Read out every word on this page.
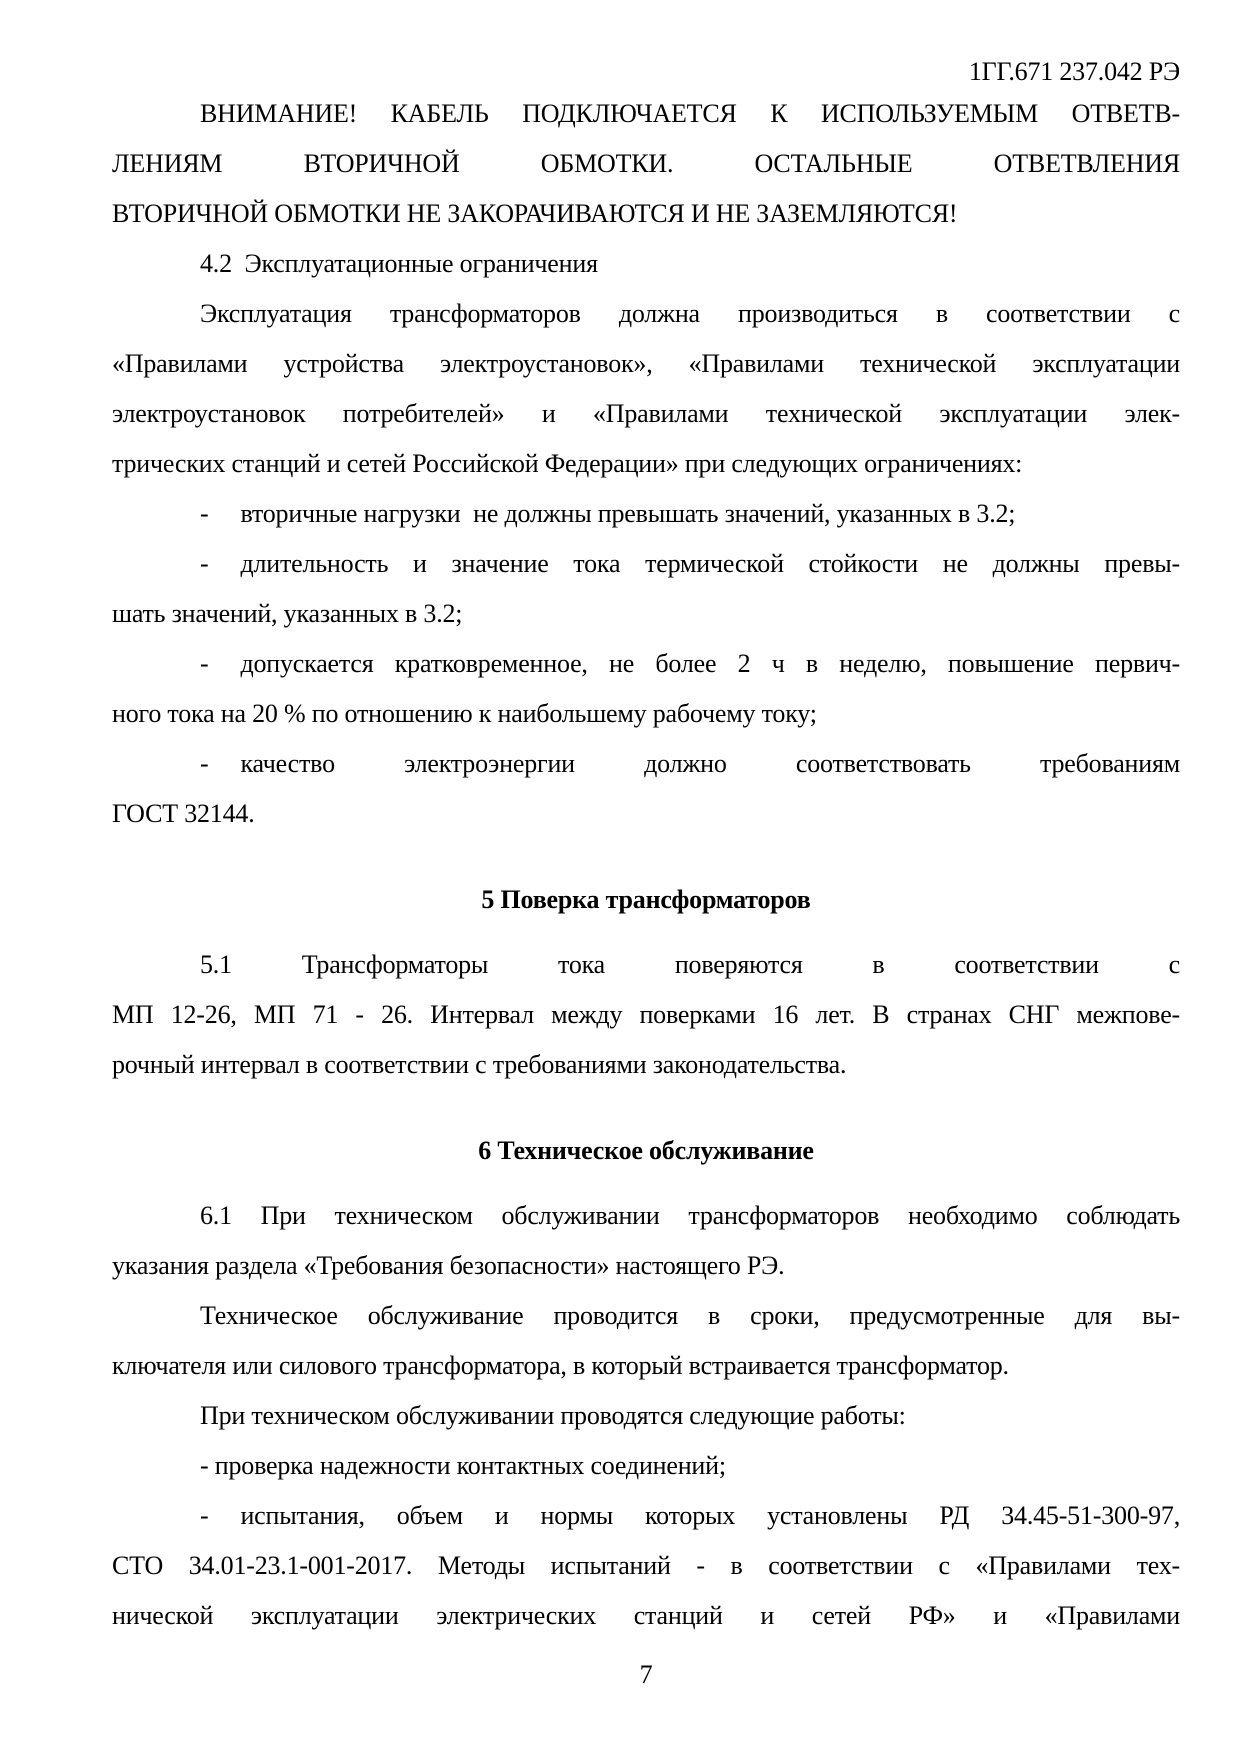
1ГГ.671 237.042 РЭ
ВНИМАНИЕ! КАБЕЛЬ ПОДКЛЮЧАЕТСЯ К ИСПОЛЬЗУЕМЫМ ОТВЕТВ-
ЛЕНИЯМ ВТОРИЧНОЙ ОБМОТКИ. ОСТАЛЬНЫЕ ОТВЕТВЛЕНИЯ
ВТОРИЧНОЙ ОБМОТКИ НЕ ЗАКОРАЧИВАЮТСЯ И НЕ ЗАЗЕМЛЯЮТСЯ!
4.2  Эксплуатационные ограничения
Эксплуатация трансформаторов должна производиться в соответствии с
«Правилами устройства электроустановок», «Правилами технической эксплуатации
электроустановок потребителей» и «Правилами технической эксплуатации элек-
трических станций и сетей Российской Федерации» при следующих ограничениях:
- вторичные нагрузки  не должны превышать значений, указанных в 3.2;
- длительность и значение тока термической стойкости не должны превы-
шать значений, указанных в 3.2;
- допускается кратковременное, не более 2 ч в неделю, повышение первич-
ного тока на 20 % по отношению к наибольшему рабочему току;
- качество электроэнергии должно соответствовать требованиям
ГОСТ 32144.
5 Поверка трансформаторов
5.1 Трансформаторы тока поверяются в соответствии с
МП 12-26, МП 71 - 26. Интервал между поверками 16 лет. В странах СНГ межпове-
рочный интервал в соответствии с требованиями законодательства.
6 Техническое обслуживание
6.1 При техническом обслуживании трансформаторов необходимо соблюдать
указания раздела «Требования безопасности» настоящего РЭ.
Техническое обслуживание проводится в сроки, предусмотренные для вы-
ключателя или силового трансформатора, в который встраивается трансформатор.
При техническом обслуживании проводятся следующие работы:
- проверка надежности контактных соединений;
- испытания, объем и нормы которых установлены РД 34.45-51-300-97,
СТО 34.01-23.1-001-2017. Методы испытаний - в соответствии с «Правилами тех-
нической эксплуатации электрических станций и сетей РФ» и «Правилами
7
